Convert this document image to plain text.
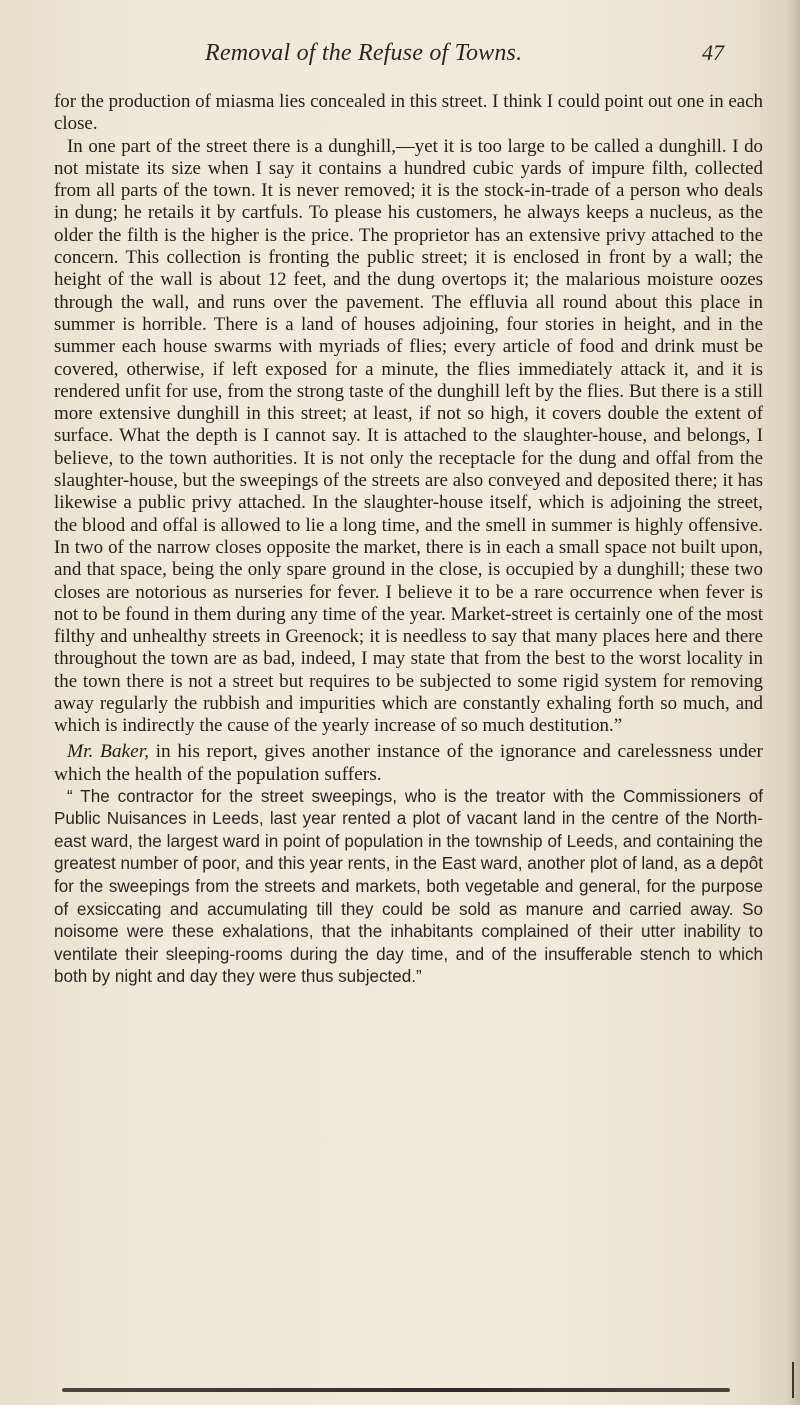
Removal of the Refuse of Towns.	47

for the production of miasma lies concealed in this street. I think I could point out one in each close.

In one part of the street there is a dunghill,—yet it is too large to be called a dunghill. I do not mistate its size when I say it contains a hundred cubic yards of impure filth, collected from all parts of the town. It is never removed; it is the stock-in-trade of a person who deals in dung; he retails it by cartfuls. To please his customers, he always keeps a nucleus, as the older the filth is the higher is the price. The proprietor has an extensive privy attached to the concern. This collection is fronting the public street; it is enclosed in front by a wall; the height of the wall is about 12 feet, and the dung overtops it; the malarious moisture oozes through the wall, and runs over the pavement. The effluvia all round about this place in summer is horrible. There is a land of houses adjoining, four stories in height, and in the summer each house swarms with myriads of flies; every article of food and drink must be covered, otherwise, if left exposed for a minute, the flies immediately attack it, and it is rendered unfit for use, from the strong taste of the dunghill left by the flies. But there is a still more extensive dunghill in this street; at least, if not so high, it covers double the extent of surface. What the depth is I cannot say. It is attached to the slaughter-house, and belongs, I believe, to the town authorities. It is not only the receptacle for the dung and offal from the slaughter-house, but the sweepings of the streets are also conveyed and deposited there; it has likewise a public privy attached. In the slaughter-house itself, which is adjoining the street, the blood and offal is allowed to lie a long time, and the smell in summer is highly offensive. In two of the narrow closes opposite the market, there is in each a small space not built upon, and that space, being the only spare ground in the close, is occupied by a dunghill; these two closes are notorious as nurseries for fever. I believe it to be a rare occurrence when fever is not to be found in them during any time of the year. Market-street is certainly one of the most filthy and unhealthy streets in Greenock; it is needless to say that many places here and there throughout the town are as bad, indeed, I may state that from the best to the worst locality in the town there is not a street but requires to be subjected to some rigid system for removing away regularly the rubbish and impurities which are constantly exhaling forth so much, and which is indirectly the cause of the yearly increase of so much destitution.”

Mr. Baker, in his report, gives another instance of the ignorance and carelessness under which the health of the population suffers.

“ The contractor for the street sweepings, who is the treator with the Commissioners of Public Nuisances in Leeds, last year rented a plot of vacant land in the centre of the North-east ward, the largest ward in point of population in the township of Leeds, and containing the greatest number of poor, and this year rents, in the East ward, another plot of land, as a depôt for the sweepings from the streets and markets, both vegetable and general, for the purpose of exsiccating and accumulating till they could be sold as manure and carried away. So noisome were these exhalations, that the inhabitants complained of their utter inability to ventilate their sleeping-rooms during the day time, and of the insufferable stench to which both by night and day they were thus subjected.”
